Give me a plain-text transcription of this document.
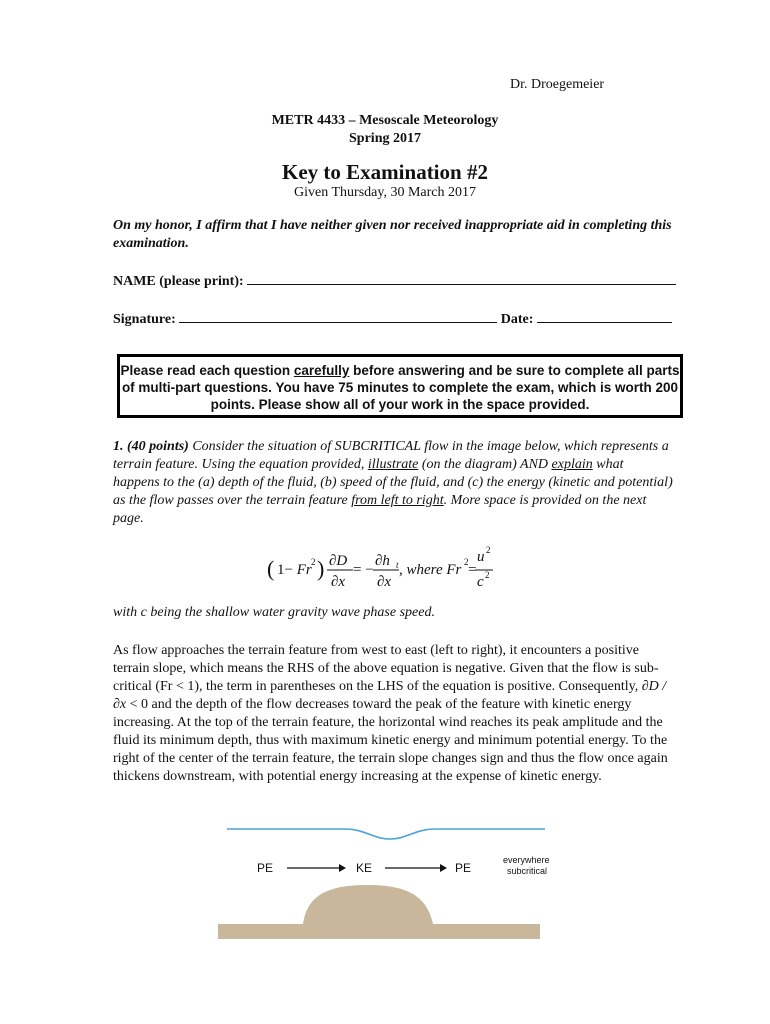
Dr. Droegemeier
METR 4433 – Mesoscale Meteorology
Spring 2017
Key to Examination #2
Given Thursday, 30 March 2017
On my honor, I affirm that I have neither given nor received inappropriate aid in completing this examination.
NAME (please print):
Signature:	Date:
Please read each question carefully before answering and be sure to complete all parts of multi-part questions. You have 75 minutes to complete the exam, which is worth 200 points. Please show all of your work in the space provided.
1. (40 points) Consider the situation of SUBCRITICAL flow in the image below, which represents a terrain feature. Using the equation provided, illustrate (on the diagram) AND explain what happens to the (a) depth of the fluid, (b) speed of the fluid, and (c) the energy (kinetic and potential) as the flow passes over the terrain feature from left to right. More space is provided on the next page.
( 1− Fr 2 ) ∂D
∂x
= −
∂h t
∂x
, where Fr 2 =
u 2
c 2
with c being the shallow water gravity wave phase speed.
As flow approaches the terrain feature from west to east (left to right), it encounters a positive terrain slope, which means the RHS of the above equation is negative. Given that the flow is sub-critical (Fr < 1), the term in parentheses on the LHS of the equation is positive. Consequently, ∂D / ∂x < 0 and the depth of the flow decreases toward the peak of the feature with kinetic energy increasing. At the top of the terrain feature, the horizontal wind reaches its peak amplitude and the fluid its minimum depth, thus with maximum kinetic energy and minimum potential energy. To the right of the center of the terrain feature, the terrain slope changes sign and thus the flow once again thickens downstream, with potential energy increasing at the expense of kinetic energy.
PE	KE	PE
everywhere
subcritical
